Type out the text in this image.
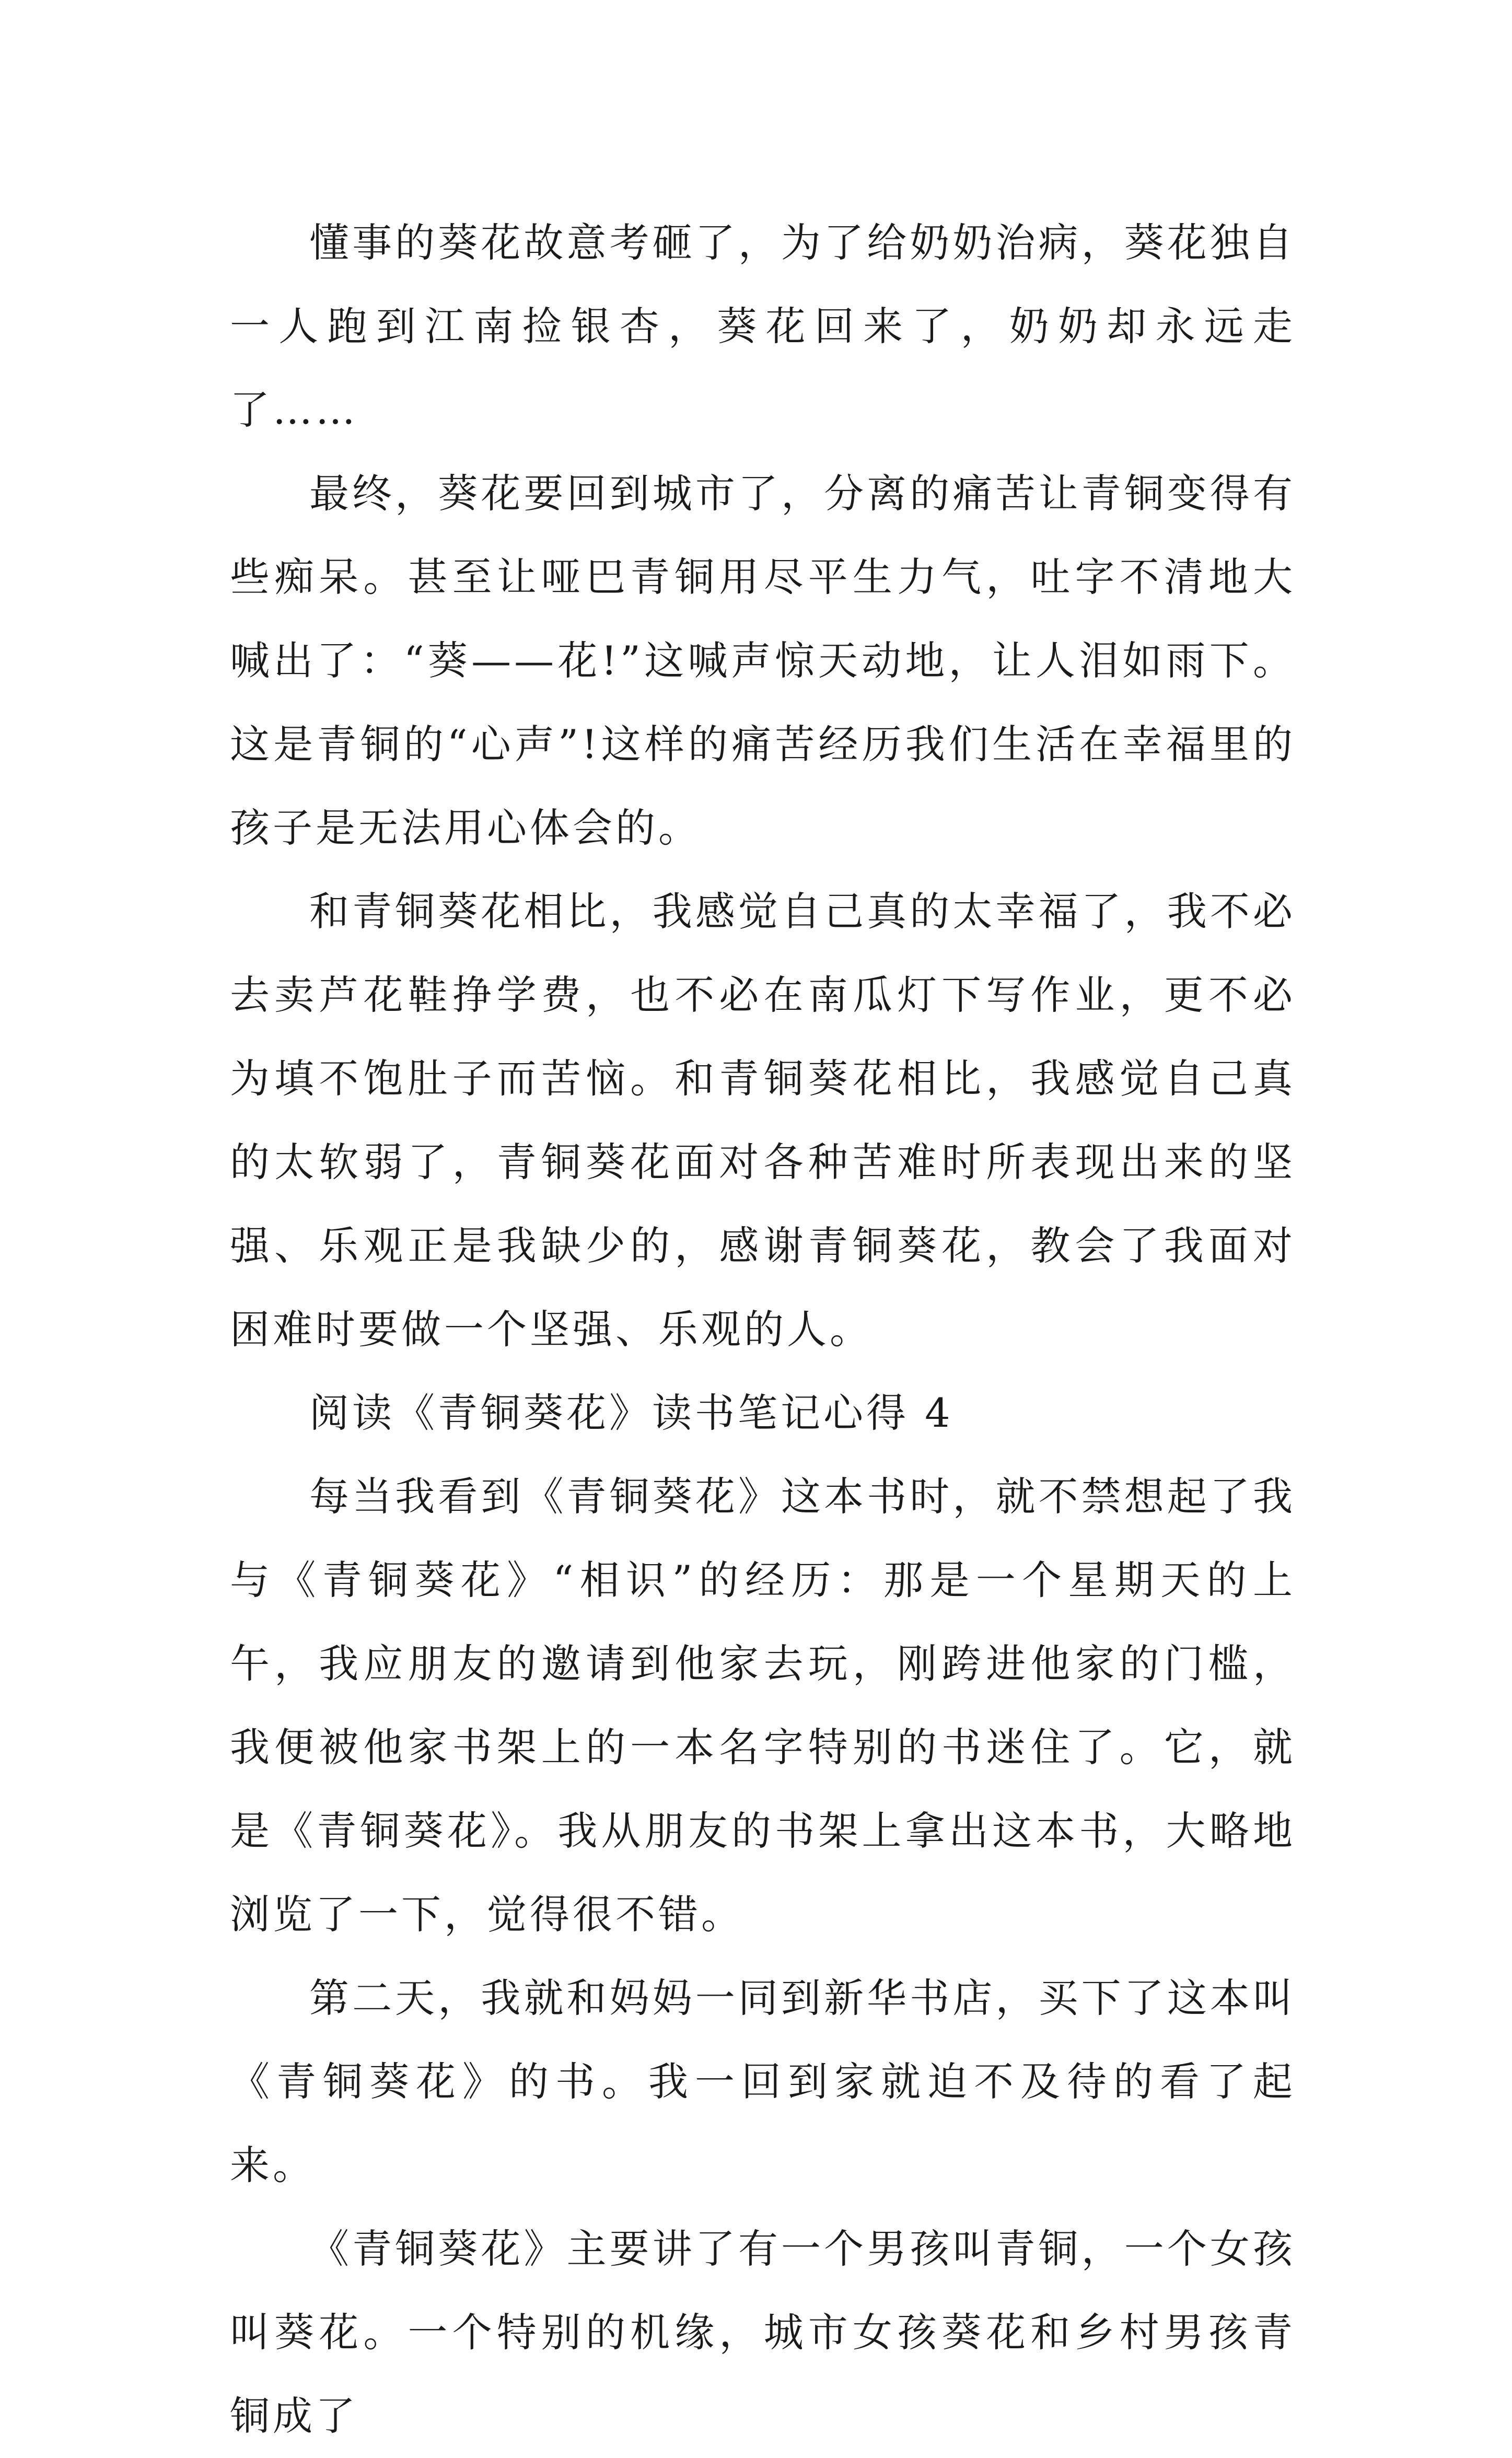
懂事的葵花故意考砸了，为了给奶奶治病，葵花独自一人跑到江南捡银杏，葵花回来了，奶奶却永远走了……

最终，葵花要回到城市了，分离的痛苦让青铜变得有些痴呆。甚至让哑巴青铜用尽平生力气，吐字不清地大喊出了：“葵——花!”这喊声惊天动地，让人泪如雨下。这是青铜的“心声”!这样的痛苦经历我们生活在幸福里的孩子是无法用心体会的。

和青铜葵花相比，我感觉自己真的太幸福了，我不必去卖芦花鞋挣学费，也不必在南瓜灯下写作业，更不必为填不饱肚子而苦恼。和青铜葵花相比，我感觉自己真的太软弱了，青铜葵花面对各种苦难时所表现出来的坚强、乐观正是我缺少的，感谢青铜葵花，教会了我面对困难时要做一个坚强、乐观的人。

阅读《青铜葵花》读书笔记心得 4

每当我看到《青铜葵花》这本书时，就不禁想起了我与《青铜葵花》“相识”的经历：那是一个星期天的上午，我应朋友的邀请到他家去玩，刚跨进他家的门槛，我便被他家书架上的一本名字特别的书迷住了。它，就是《青铜葵花》。我从朋友的书架上拿出这本书，大略地浏览了一下，觉得很不错。

第二天，我就和妈妈一同到新华书店，买下了这本叫《青铜葵花》的书。我一回到家就迫不及待的看了起来。

《青铜葵花》主要讲了有一个男孩叫青铜，一个女孩叫葵花。一个特别的机缘，城市女孩葵花和乡村男孩青铜成了
